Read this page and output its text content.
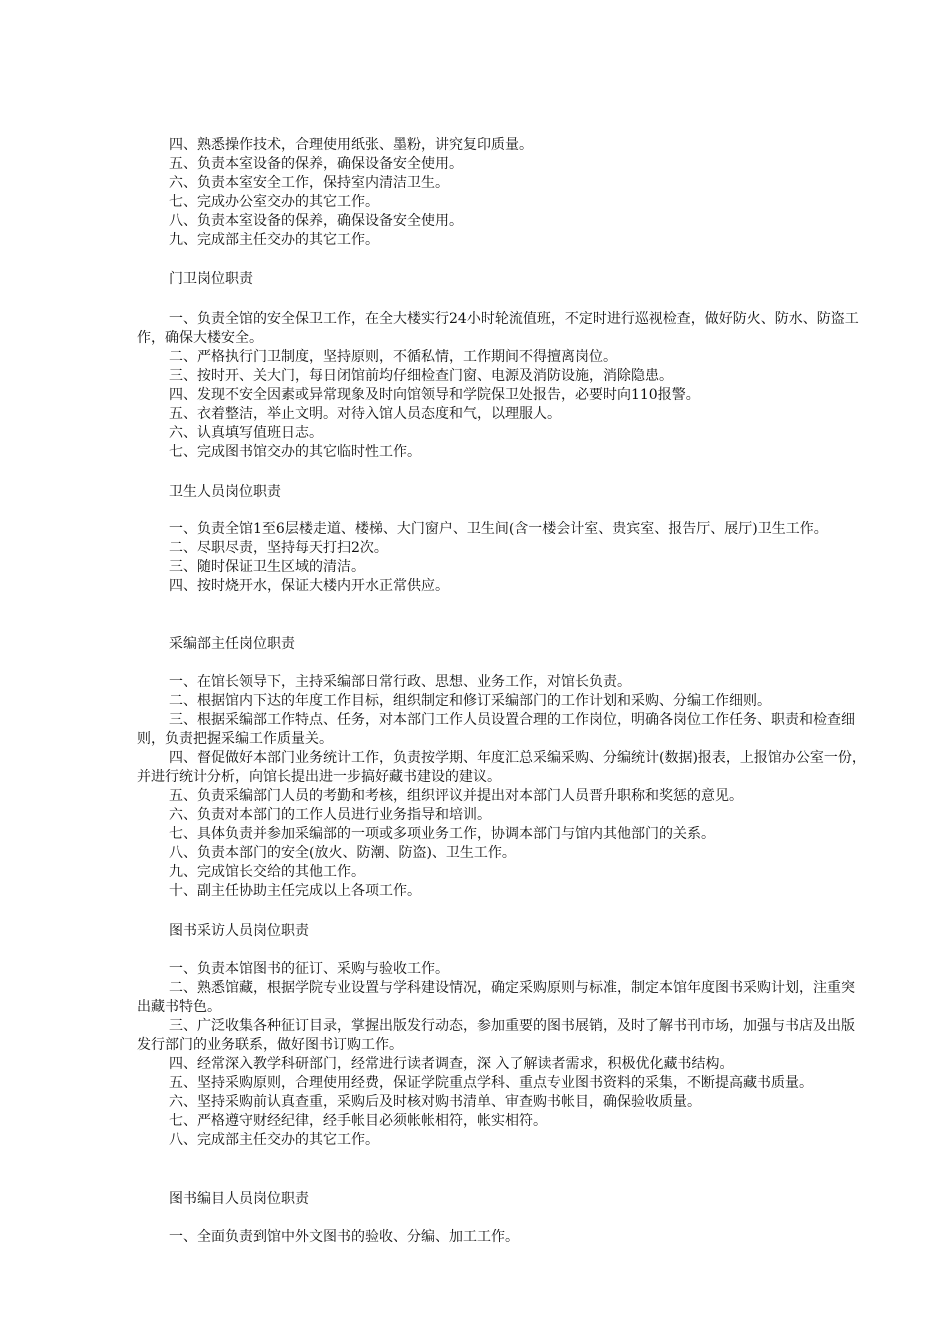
四、熟悉操作技术，合理使用纸张、墨粉，讲究复印质量。

五、负责本室设备的保养，确保设备安全使用。

六、负责本室安全工作，保持室内清洁卫生。

七、完成办公室交办的其它工作。

八、负责本室设备的保养，确保设备安全使用。

九、完成部主任交办的其它工作。

门卫岗位职责

一、负责全馆的安全保卫工作，在全大楼实行24小时轮流值班，不定时进行巡视检查，做好防火、防水、防盗工作，确保大楼安全。

二、严格执行门卫制度，坚持原则，不循私情，工作期间不得擅离岗位。

三、按时开、关大门，每日闭馆前均仔细检查门窗、电源及消防设施，消除隐患。

四、发现不安全因素或异常现象及时向馆领导和学院保卫处报告，必要时向110报警。

五、衣着整洁，举止文明。对待入馆人员态度和气，以理服人。

六、认真填写值班日志。

七、完成图书馆交办的其它临时性工作。

卫生人员岗位职责

一、负责全馆1至6层楼走道、楼梯、大门窗户、卫生间(含一楼会计室、贵宾室、报告厅、展厅)卫生工作。

二、尽职尽责，坚持每天打扫2次。

三、随时保证卫生区域的清洁。

四、按时烧开水，保证大楼内开水正常供应。

采编部主任岗位职责

一、在馆长领导下，主持采编部日常行政、思想、业务工作，对馆长负责。

二、根据馆内下达的年度工作目标，组织制定和修订采编部门的工作计划和采购、分编工作细则。

三、根据采编部工作特点、任务，对本部门工作人员设置合理的工作岗位，明确各岗位工作任务、职责和检查细则，负责把握采编工作质量关。

四、督促做好本部门业务统计工作，负责按学期、年度汇总采编采购、分编统计(数据)报表，上报馆办公室一份，并进行统计分析，向馆长提出进一步搞好藏书建设的建议。

五、负责采编部门人员的考勤和考核，组织评议并提出对本部门人员晋升职称和奖惩的意见。

六、负责对本部门的工作人员进行业务指导和培训。

七、具体负责并参加采编部的一项或多项业务工作，协调本部门与馆内其他部门的关系。

八、负责本部门的安全(放火、防潮、防盗)、卫生工作。

九、完成馆长交给的其他工作。

十、副主任协助主任完成以上各项工作。

图书采访人员岗位职责

一、负责本馆图书的征订、采购与验收工作。

二、熟悉馆藏，根据学院专业设置与学科建设情况，确定采购原则与标准，制定本馆年度图书采购计划，注重突出藏书特色。

三、广泛收集各种征订目录，掌握出版发行动态，参加重要的图书展销，及时了解书刊市场，加强与书店及出版发行部门的业务联系，做好图书订购工作。

四、经常深入教学科研部门，经常进行读者调查，深 入了解读者需求，积极优化藏书结构。

五、坚持采购原则，合理使用经费，保证学院重点学科、重点专业图书资料的采集，不断提高藏书质量。

六、坚持采购前认真查重，采购后及时核对购书清单、审查购书帐目，确保验收质量。

七、严格遵守财经纪律，经手帐目必须帐帐相符，帐实相符。

八、完成部主任交办的其它工作。

图书编目人员岗位职责

一、全面负责到馆中外文图书的验收、分编、加工工作。
